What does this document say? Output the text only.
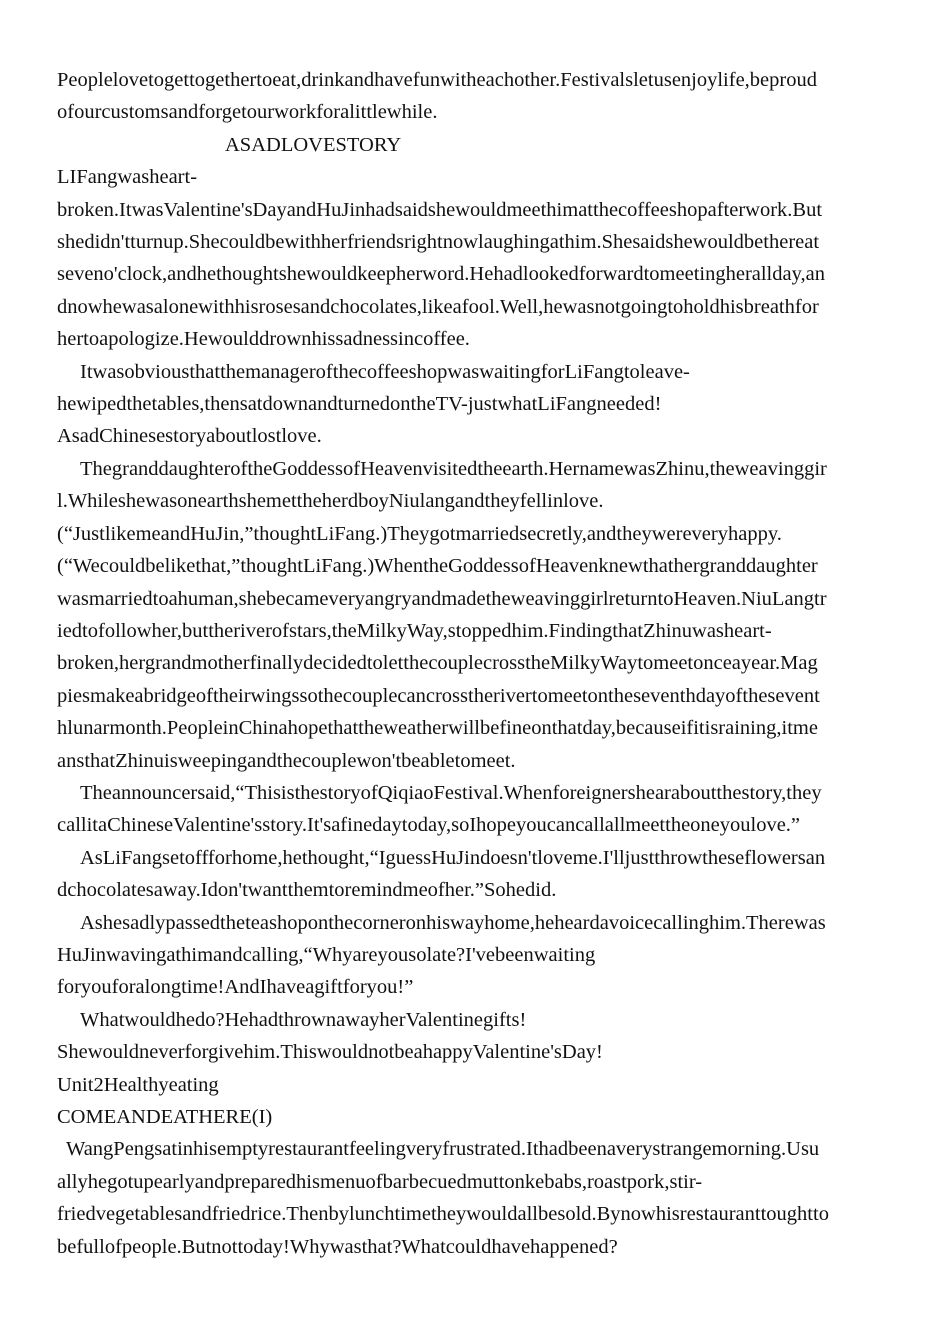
Peoplelovetogettogethertoeat,drinkandhavefunwitheachother.Festivalsletusenjoylife,beproud
ofourcustomsandforgetourworkforalittlewhile.
ASADLOVESTORY
LIFangwasheart-
broken.ItwasValentine'sDayandHuJinhadsaidshewouldmeethimatthecoffeeshopafterwork.But
shedidn'tturnup.Shecouldbewithherfriendsrightnowlaughingathim.Shesaidshewouldbethereat
seveno'clock,andhethoughtshewouldkeepherword.Hehadlookedforwardtomeetingherallday,an
dnowhewasalonewithhisrosesandchocolates,likeafool.Well,hewasnotgoingtoholdhisbreathfor
hertoapologize.Hewoulddrownhissadnessincoffee.
ItwasobviousthatthemanagerofthecoffeeshopwaswaitingforLiFangtoleave-
hewipedthetables,thensatdownandturnedontheTV-justwhatLiFangneeded!
AsadChinesestoryaboutlostlove.
ThegranddaughteroftheGoddessofHeavenvisitedtheearth.HernamewasZhinu,theweavinggir
l.WhileshewasonearthshemettheherdboyNiulangandtheyfellinlove.
(“JustlikemeandHuJin,”thoughtLiFang.)Theygotmarriedsecretly,andtheywereveryhappy.
(“Wecouldbelikethat,”thoughtLiFang.)WhentheGoddessofHeavenknewthathergranddaughter
wasmarriedtoahuman,shebecameveryangryandmadetheweavinggirlreturntoHeaven.NiuLangtr
iedtofollowher,buttheriverofstars,theMilkyWay,stoppedhim.FindingthatZhinuwasheart-
broken,hergrandmotherfinallydecidedtoletthecouplecrosstheMilkyWaytomeetonceayear.Mag
piesmakeabridgeoftheirwingssothecouplecancrosstherivertomeetontheseventhdayofthesevent
hlunarmonth.PeopleinChinahopethattheweatherwillbefineonthatday,becauseifitisraining,itme
ansthatZhinuisweepingandthecouplewon'tbeabletomeet.
Theannouncersaid,“ThisisthestoryofQiqiaoFestival.Whenforeignershearaboutthestory,they
callitaChineseValentine'sstory.It'safinedaytoday,soIhopeyoucancallallmeettheoneyoulove.”
AsLiFangsetoffforhome,hethought,“IguessHuJindoesn'tloveme.I'lljustthrowtheseflowersan
dchocolatesaway.Idon'twantthemtoremindmeofher.”Sohedid.
Ashesadlypassedtheteashoponthecorneronhiswayhome,heheardavoicecallinghim.Therewas
HuJinwavingathimandcalling,“Whyareyousolate?I'vebeenwaiting
foryouforalongtime!AndIhaveagiftforyou!”
Whatwouldhedo?HehadthrownawayherValentinegifts!
Shewouldneverforgivehim.ThiswouldnotbeahappyValentine'sDay!
Unit2Healthyeating
COMEANDEATHERE(I)
WangPengsatinhisemptyrestaurantfeelingveryfrustrated.Ithadbeenaverystrangemorning.Usu
allyhegotupearlyandpreparedhismenuofbarbecuedmuttonkebabs,roastpork,stir-
friedvegetablesandfriedrice.Thenbylunchtimetheywouldallbesold.Bynowhisrestauranttoughtto
befullofpeople.Butnottoday!Whywasthat?Whatcouldhavehappened?
